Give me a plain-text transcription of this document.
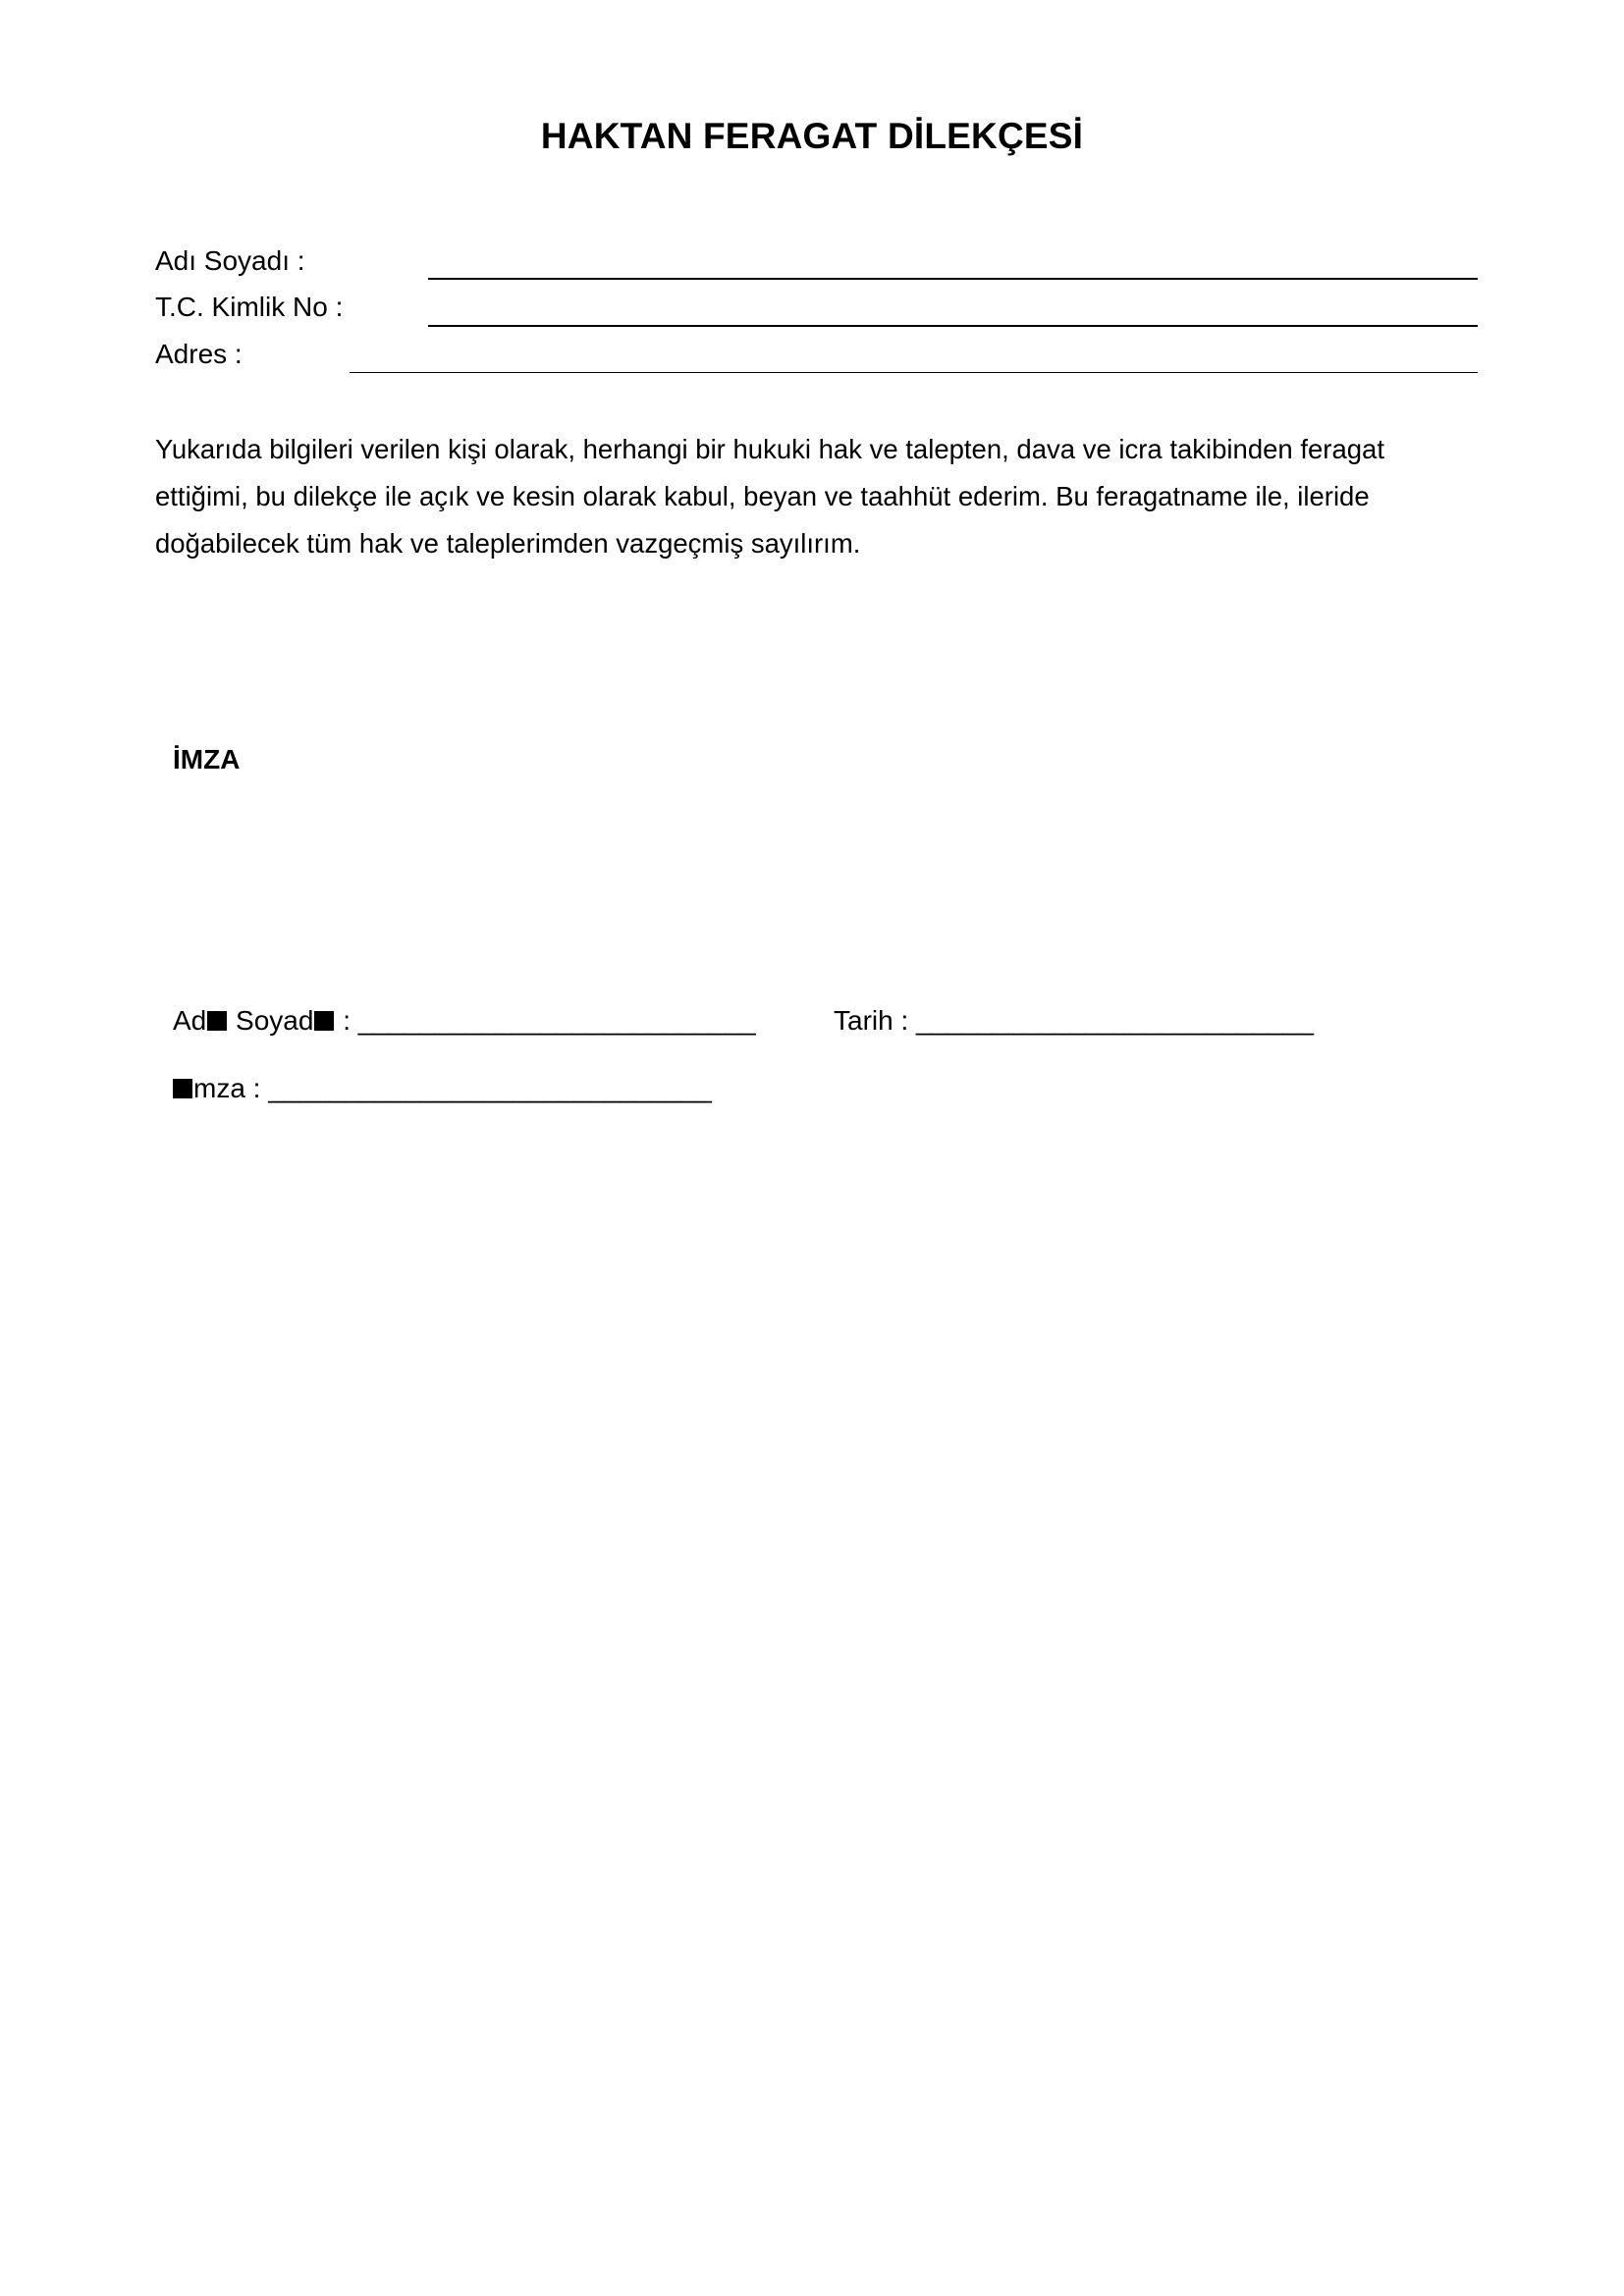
HAKTAN FERAGAT DİLEKÇESİ
Adı Soyadı :
T.C. Kimlik No :
Adres :

Yukarıda bilgileri verilen kişi olarak, herhangi bir hukuki hak ve talepten, dava ve icra takibinden feragat
ettiğimi, bu dilekçe ile açık ve kesin olarak kabul, beyan ve taahhüt ederim. Bu feragatname ile, ileride
doğabilecek tüm hak ve taleplerimden vazgeçmiş sayılırım.

İMZA
Ad Soyad : __________________________	Tarih : __________________________
mza : _____________________________
